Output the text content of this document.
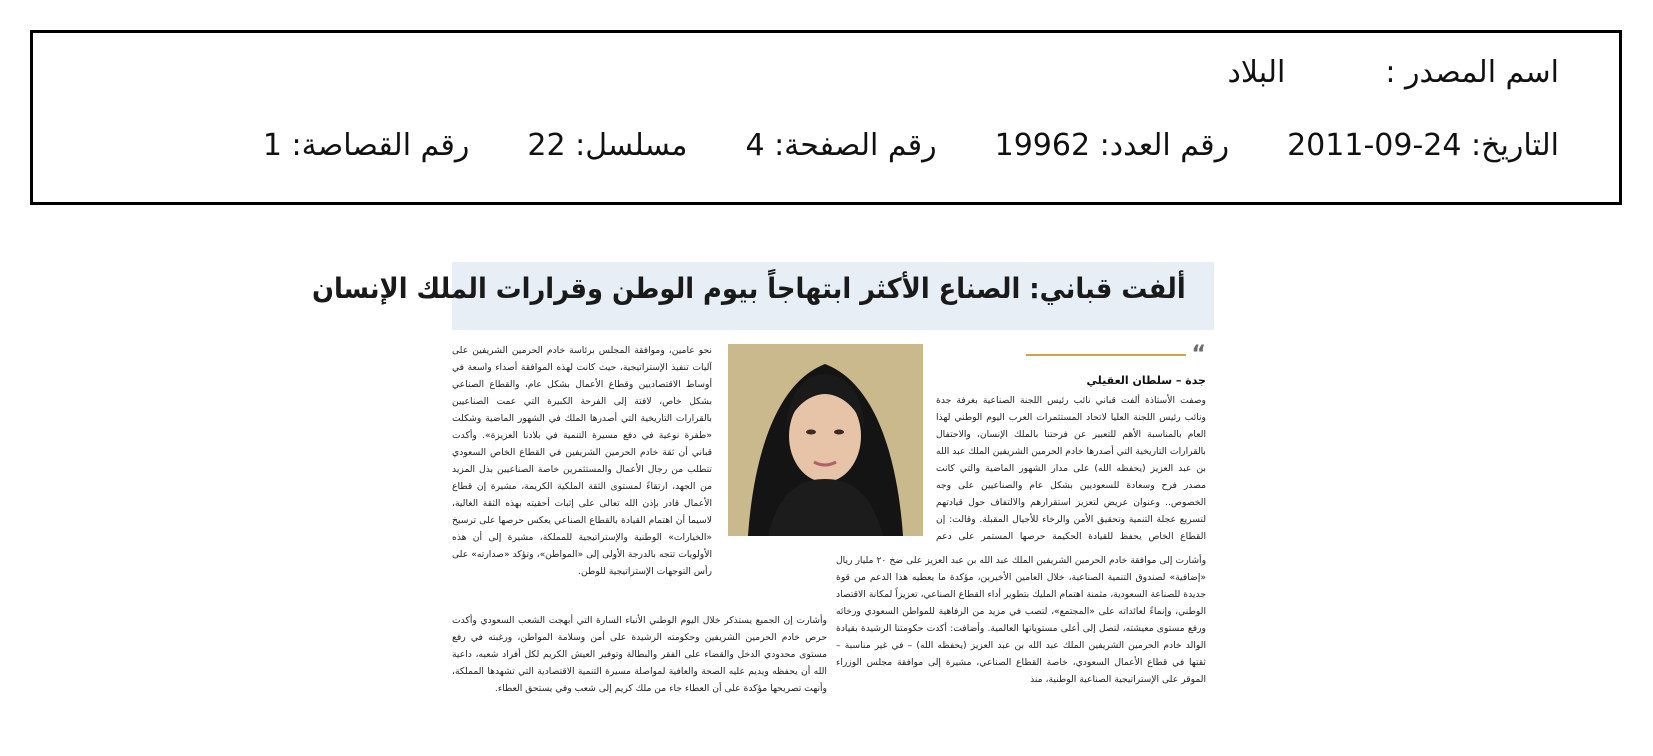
اسم المصدر :البلاد
التاريخ: 24-09-2011رقم العدد: 19962رقم الصفحة: 4مسلسل: 22رقم القصاصة: 1
ألفت قباني: الصناع الأكثر ابتهاجاً بيوم الوطن وقرارات الملك الإنسان
“
جدة – سلطان العقيلي

وصفت الأستاذة ألفت قباني نائب رئيس اللجنة الصناعية بغرفة جدة ونائب رئيس اللجنة العليا لاتحاد المستثمرات العرب اليوم الوطني لهذا العام بالمناسبة الأهم للتعبير عن فرحتنا بالملك الإنسان، والاحتفال بالقرارات التاريخية التي أصدرها خادم الحرمين الشريفين الملك عبد الله بن عبد العزيز (يحفظه الله) على مدار الشهور الماضية والتي كانت مصدر فرح وسعادة للسعوديين بشكل عام والصناعيين على وجه الخصوص.. وعنوان عريض لتعزيز استقرارهم والالتفاف حول قيادتهم لتسريع عجلة التنمية وتحقيق الأمن والرخاء للأجيال المقبلة. وقالت: إن القطاع الخاص يحفظ للقيادة الحكيمة حرصها المستمر على دعم

نحو عامين، وموافقة المجلس برئاسة خادم الحرمين الشريفين على آليات تنفيذ الإستراتيجية، حيث كانت لهذه الموافقة أصداء واسعة في أوساط الاقتصاديين وقطاع الأعمال بشكل عام، والقطاع الصناعي بشكل خاص، لافتة إلى الفرحة الكبيرة التي عمت الصناعيين بالقرارات التاريخية التي أصدرها الملك في الشهور الماضية وشكلت «طفرة نوعية في دفع مسيرة التنمية في بلادنا العزيزة». وأكدت قباني أن ثقة خادم الحرمين الشريفين في القطاع الخاص السعودي تتطلب من رجال الأعمال والمستثمرين خاصة الصناعيين بذل المزيد من الجهد، ارتقاءً لمستوى الثقة الملكية الكريمة، مشيرة إن قطاع الأعمال قادر بإذن الله تعالى على إثبات أحقيته بهذه الثقة الغالية، لاسيما أن اهتمام القيادة بالقطاع الصناعي يعكس حرصها على ترسيخ «الخيارات» الوطنية والإستراتيجية للمملكة، مشيرة إلى أن هذه الأولويات تتجه بالدرجة الأولى إلى «المواطن»، وتؤكد «صدارته» على رأس التوجهات الإستراتيجية للوطن.

وأشارت إلى موافقة خادم الحرمين الشريفين الملك عبد الله بن عبد العزيز على ضخ ٢٠ مليار ريال «إضافية» لصندوق التنمية الصناعية، خلال العامين الأخيرين، مؤكدة ما يعطيه هذا الدعم من قوة جديدة للصناعة السعودية، مثمنة اهتمام المليك بتطوير أداء القطاع الصناعي، تعزيزاً لمكانة الاقتصاد الوطني، وإنماءً لعائداته على «المجتمع»، لتصب في مزيد من الرفاهية للمواطن السعودي ورخائه ورفع مستوى معيشته، لتصل إلى أعلى مستوياتها العالمية. وأضافت: أكدت حكومتنا الرشيدة بقيادة الوالد خادم الحرمين الشريفين الملك عبد الله بن عبد العزيز (يحفظه الله) – في غير مناسبة – ثقتها في قطاع الأعمال السعودي، خاصة القطاع الصناعي، مشيرة إلى موافقة مجلس الوزراء الموقر على الإستراتيجية الصناعية الوطنية، منذ

وأشارت إن الجميع يستذكر خلال اليوم الوطني الأنباء السارة التي أبهجت الشعب السعودي وأكدت حرص خادم الحرمين الشريفين وحكومته الرشيدة على أمن وسلامة المواطن، ورغبته في رفع مستوى محدودي الدخل والقضاء على الفقر والبطالة وتوفير العيش الكريم لكل أفراد شعبه، داعية الله أن يحفظه ويديم عليه الصحة والعافية لمواصلة مسيرة التنمية الاقتصادية التي تشهدها المملكة، وأنهت تصريحها مؤكدة على أن العطاء جاء من ملك كريم إلى شعب وفي يستحق العطاء.
